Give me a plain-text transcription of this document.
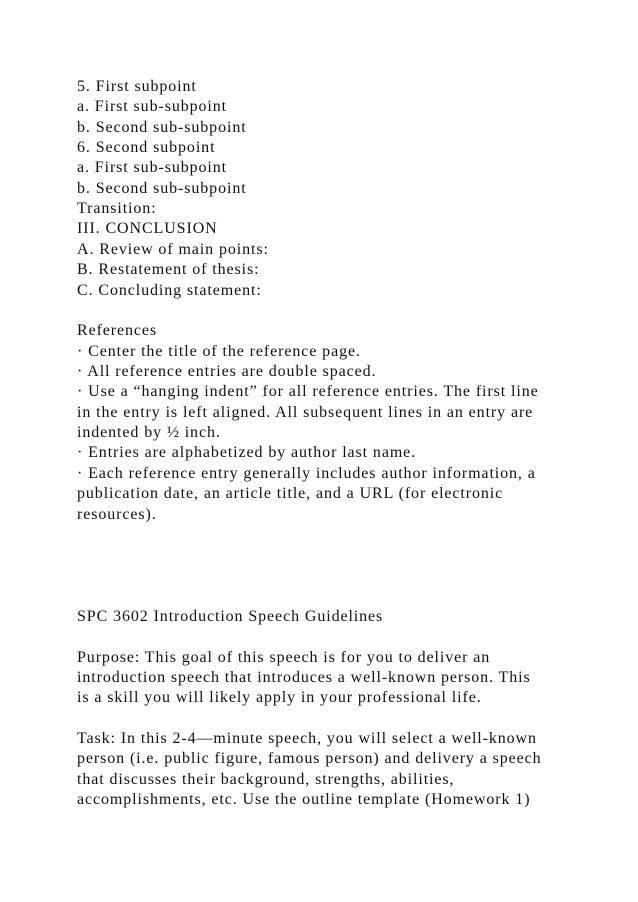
5. First subpoint
a. First sub-subpoint
b. Second sub-subpoint
6. Second subpoint
a. First sub-subpoint
b. Second sub-subpoint
Transition:
III. CONCLUSION
A. Review of main points:
B. Restatement of thesis:
C. Concluding statement:
References
· Center the title of the reference page.
· All reference entries are double spaced.
· Use a “hanging indent” for all reference entries. The first line
in the entry is left aligned. All subsequent lines in an entry are
indented by ½ inch.
· Entries are alphabetized by author last name.
· Each reference entry generally includes author information, a
publication date, an article title, and a URL (for electronic
resources).
SPC 3602 Introduction Speech Guidelines
Purpose: This goal of this speech is for you to deliver an
introduction speech that introduces a well-known person. This
is a skill you will likely apply in your professional life.
Task: In this 2-4—minute speech, you will select a well-known
person (i.e. public figure, famous person) and delivery a speech
that discusses their background, strengths, abilities,
accomplishments, etc. Use the outline template (Homework 1)
